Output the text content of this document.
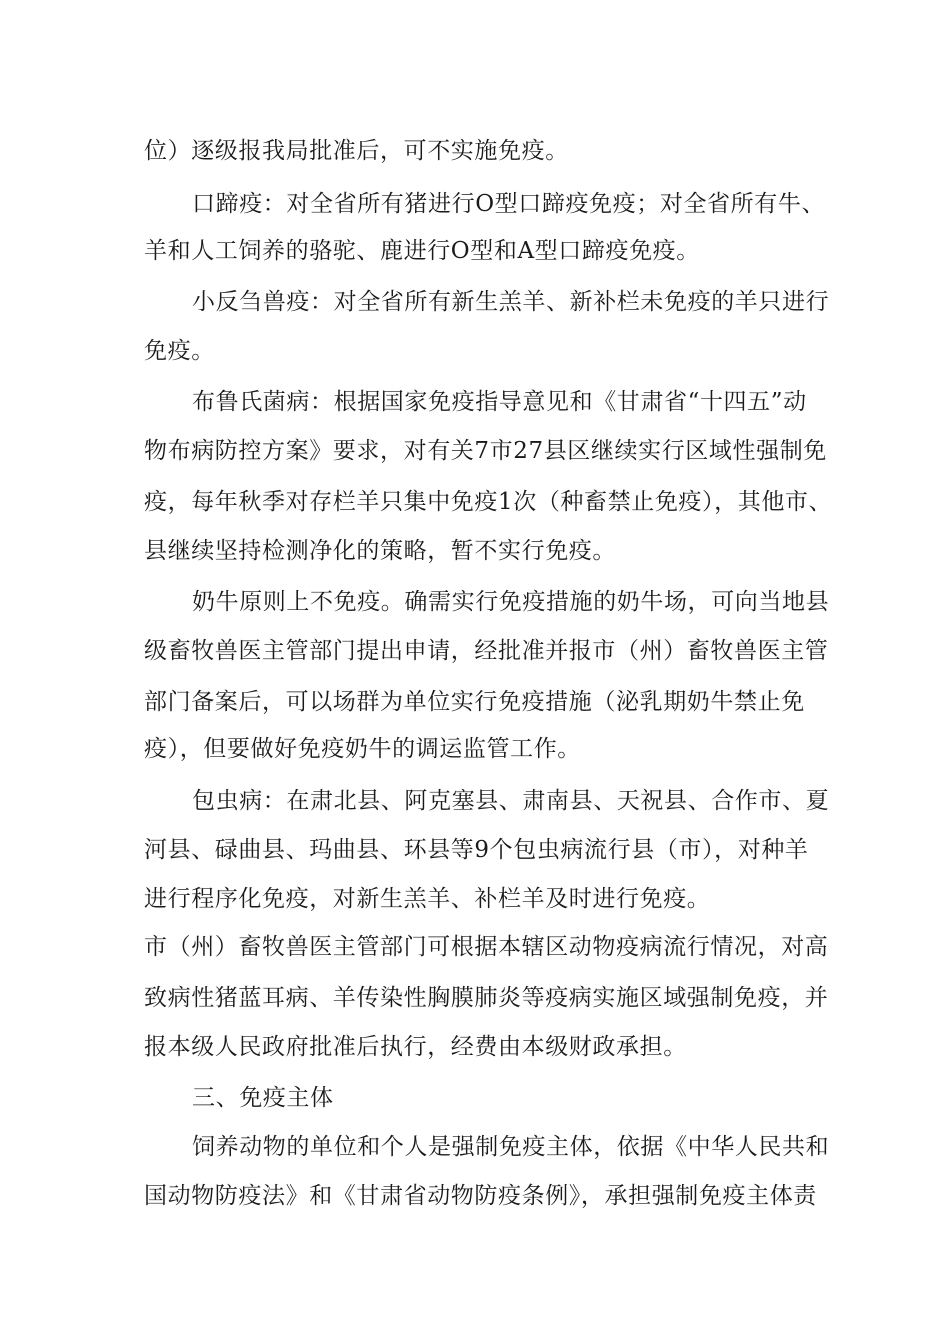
位）逐级报我局批准后，可不实施免疫。

口蹄疫：对全省所有猪进行O型口蹄疫免疫；对全省所有牛、

羊和人工饲养的骆驼、鹿进行O型和A型口蹄疫免疫。

小反刍兽疫：对全省所有新生羔羊、新补栏未免疫的羊只进行

免疫。

布鲁氏菌病：根据国家免疫指导意见和《甘肃省“十四五”动

物布病防控方案》要求，对有关7市27县区继续实行区域性强制免

疫，每年秋季对存栏羊只集中免疫1次（种畜禁止免疫），其他市、

县继续坚持检测净化的策略，暂不实行免疫。

奶牛原则上不免疫。确需实行免疫措施的奶牛场，可向当地县

级畜牧兽医主管部门提出申请，经批准并报市（州）畜牧兽医主管

部门备案后，可以场群为单位实行免疫措施（泌乳期奶牛禁止免

疫），但要做好免疫奶牛的调运监管工作。

包虫病：在肃北县、阿克塞县、肃南县、天祝县、合作市、夏

河县、碌曲县、玛曲县、环县等9个包虫病流行县（市），对种羊

进行程序化免疫，对新生羔羊、补栏羊及时进行免疫。

市（州）畜牧兽医主管部门可根据本辖区动物疫病流行情况，对高

致病性猪蓝耳病、羊传染性胸膜肺炎等疫病实施区域强制免疫，并

报本级人民政府批准后执行，经费由本级财政承担。

三、免疫主体

饲养动物的单位和个人是强制免疫主体，依据《中华人民共和

国动物防疫法》和《甘肃省动物防疫条例》，承担强制免疫主体责
